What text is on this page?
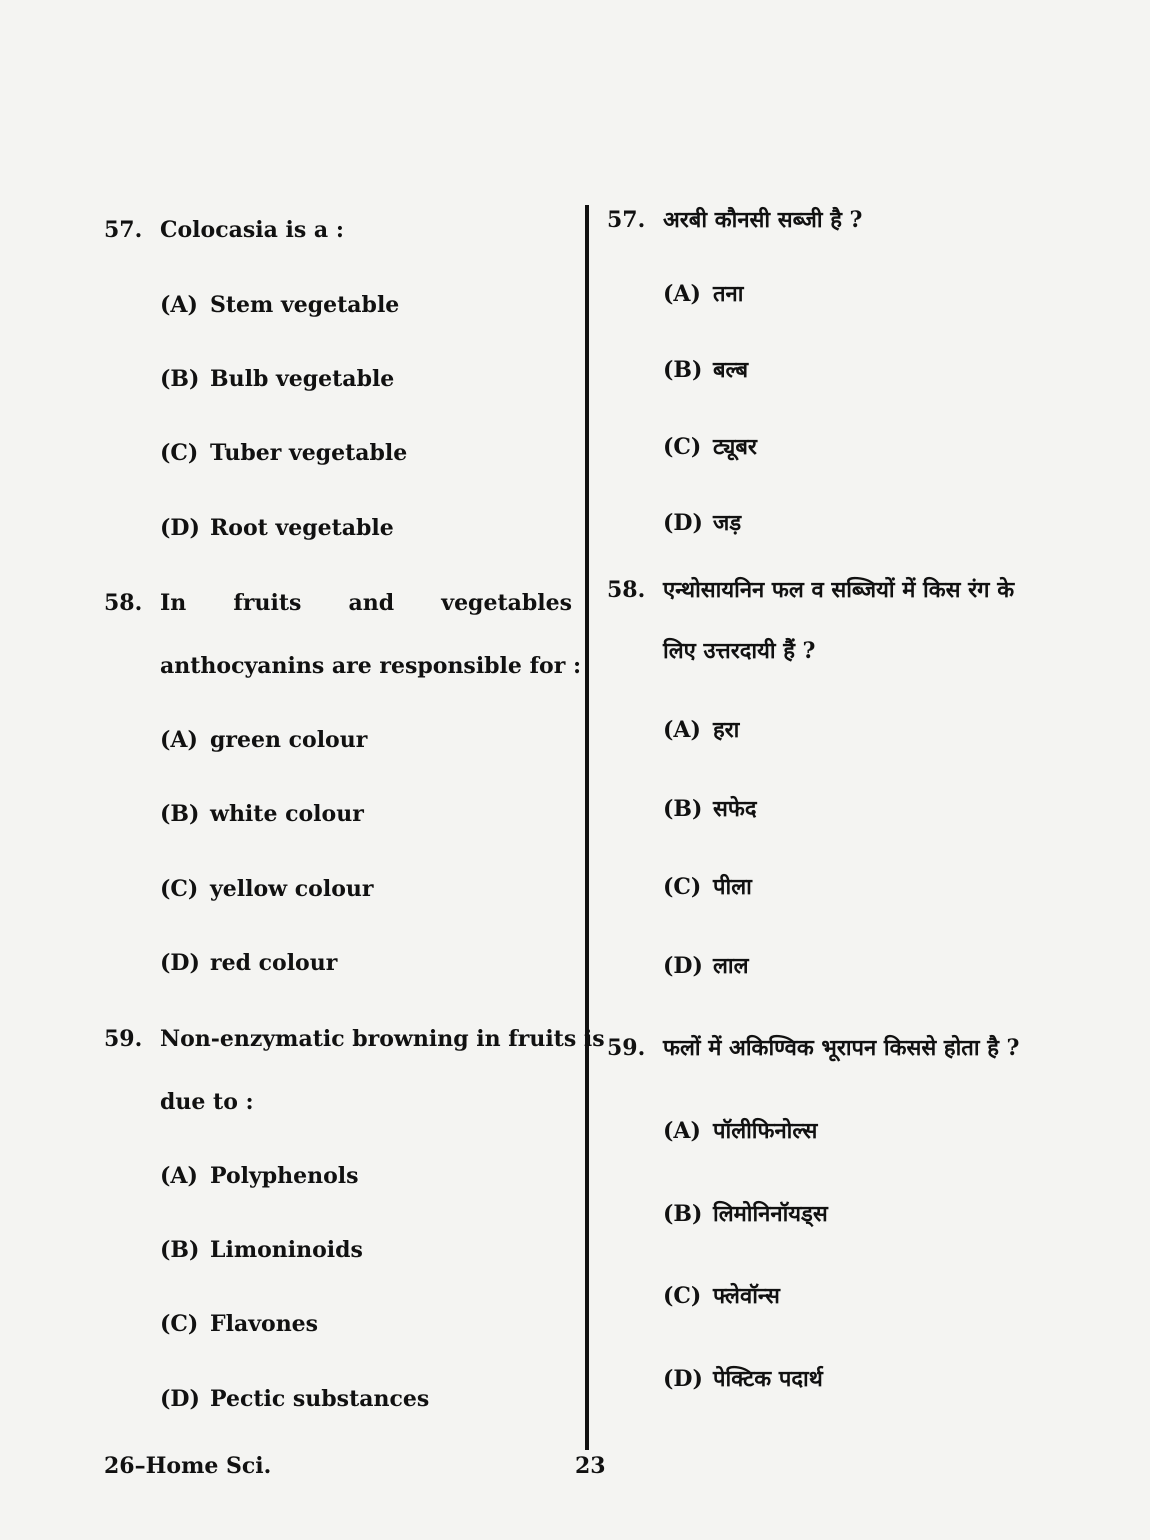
57. Colocasia is a :
(A) Stem vegetable
(B) Bulb vegetable
(C) Tuber vegetable
(D) Root vegetable
58. In fruits and vegetables
anthocyanins are responsible for :
(A) green colour
(B) white colour
(C) yellow colour
(D) red colour
59. Non-enzymatic browning in fruits is
due to :
(A) Polyphenols
(B) Limoninoids
(C) Flavones
(D) Pectic substances
57. अरबी कौनसी सब्जी है ?
(A) तना
(B) बल्ब
(C) ट्यूबर
(D) जड़
58. एन्थोसायनिन फल व सब्जियों में किस रंग के
लिए उत्तरदायी हैं ?
(A) हरा
(B) सफेद
(C) पीला
(D) लाल
59. फलों में अकिण्विक भूरापन किससे होता है ?
(A) पॉलीफिनोल्स
(B) लिमोनिनॉयड्स
(C) फ्लेवॉन्स
(D) पेक्टिक पदार्थ
26–Home Sci.	23
